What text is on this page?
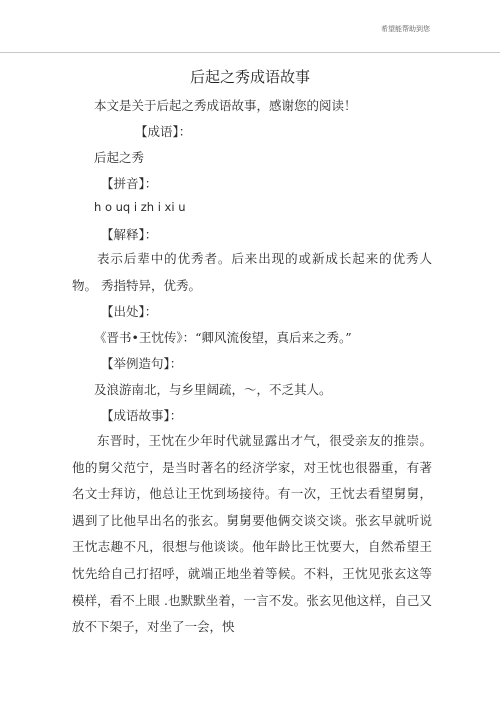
希望能帮助到您
后起之秀成语故事
本文是关于后起之秀成语故事，感谢您的阅读！
【成语】：
后起之秀
【拼音】：
h o uq i zh i xi u
【解释】：

表示后辈中的优秀者。后来出现的或新成长起来的优秀人物。 秀指特异，优秀。

【出处】：
《晋书•王忱传》：“卿风流俊望，真后来之秀。”
【举例造句】：
及浪游南北，与乡里阔疏，～，不乏其人。
【成语故事】：

东晋时，王忱在少年时代就显露出才气，很受亲友的推崇。他的舅父范宁，是当时著名的经济学家，对王忱也很器重，有著名文士拜访，他总让王忱到场接待。有一次，王忱去看望舅舅，遇到了比他早出名的张玄。舅舅要他俩交谈交谈。张玄早就听说王忱志趣不凡，很想与他谈谈。他年龄比王忱要大，自然希望王忱先给自己打招呼，就端正地坐着等候。不料，王忱见张玄这等模样，看不上眼 .也默默坐着，一言不发。张玄见他这样，自己又放不下架子，对坐了一会，怏
